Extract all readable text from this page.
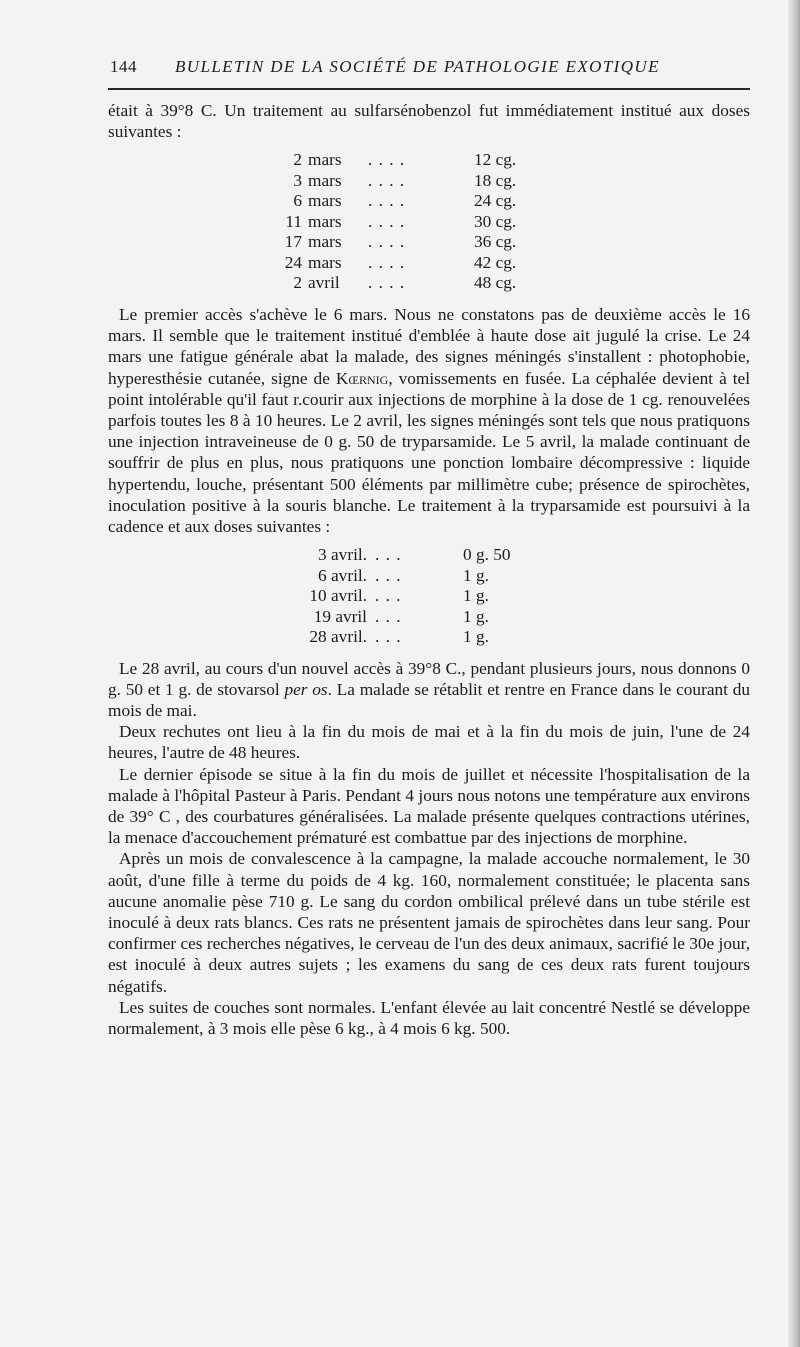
144 BULLETIN DE LA SOCIÉTÉ DE PATHOLOGIE EXOTIQUE

était à 39°8 C. Un traitement au sulfarsénobenzol fut immédiatement institué aux doses suivantes :

2	mars	. . . .	12 cg.
3	mars	. . . .	18 cg.
6	mars	. . . .	24 cg.
11	mars	. . . .	30 cg.
17	mars	. . . .	36 cg.
24	mars	. . . .	42 cg.
2	avril	. . . .	48 cg.

Le premier accès s'achève le 6 mars. Nous ne constatons pas de deuxième accès le 16 mars. Il semble que le traitement institué d'emblée à haute dose ait jugulé la crise. Le 24 mars une fatigue générale abat la malade, des signes méningés s'installent : photophobie, hyperesthésie cutanée, signe de Kœrnig, vomissements en fusée. La céphalée devient à tel point intolérable qu'il faut r.courir aux injections de morphine à la dose de 1 cg. renouvelées parfois toutes les 8 à 10 heures. Le 2 avril, les signes méningés sont tels que nous pratiquons une injection intraveineuse de 0 g. 50 de tryparsamide. Le 5 avril, la malade continuant de souffrir de plus en plus, nous pratiquons une ponction lombaire décompressive : liquide hypertendu, louche, présentant 500 éléments par millimètre cube; présence de spirochètes, inoculation positive à la souris blanche. Le traitement à la tryparsamide est poursuivi à la cadence et aux doses suivantes :

3 avril.	. . .	0 g. 50
6 avril.	. . .	1 g.
10 avril.	. . .	1 g.
19 avril	. . .	1 g.
28 avril.	. . .	1 g.

Le 28 avril, au cours d'un nouvel accès à 39°8 C., pendant plusieurs jours, nous donnons 0 g. 50 et 1 g. de stovarsol per os. La malade se rétablit et rentre en France dans le courant du mois de mai.

Deux rechutes ont lieu à la fin du mois de mai et à la fin du mois de juin, l'une de 24 heures, l'autre de 48 heures.

Le dernier épisode se situe à la fin du mois de juillet et nécessite l'hospitalisation de la malade à l'hôpital Pasteur à Paris. Pendant 4 jours nous notons une température aux environs de 39° C , des courbatures généralisées. La malade présente quelques contractions utérines, la menace d'accouchement prématuré est combattue par des injections de morphine.

Après un mois de convalescence à la campagne, la malade accouche normalement, le 30 août, d'une fille à terme du poids de 4 kg. 160, normalement constituée; le placenta sans aucune anomalie pèse 710 g. Le sang du cordon ombilical prélevé dans un tube stérile est inoculé à deux rats blancs. Ces rats ne présentent jamais de spirochètes dans leur sang. Pour confirmer ces recherches négatives, le cerveau de l'un des deux animaux, sacrifié le 30e jour, est inoculé à deux autres sujets ; les examens du sang de ces deux rats furent toujours négatifs.

Les suites de couches sont normales. L'enfant élevée au lait concentré Nestlé se développe normalement, à 3 mois elle pèse 6 kg., à 4 mois 6 kg. 500.
